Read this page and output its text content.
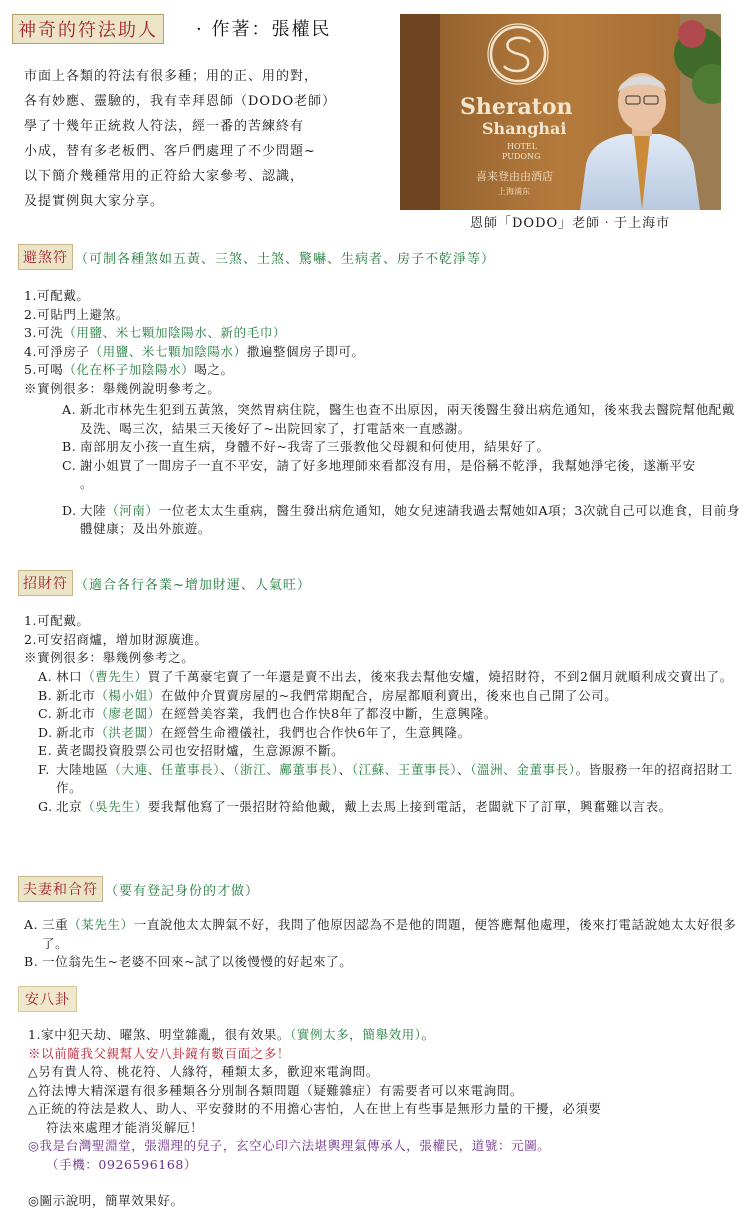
神奇的符法助人	· 作著：張權民
市面上各類的符法有很多種；用的正、用的對，
各有妙應、靈驗的，我有幸拜恩師（DODO老師）
學了十幾年正統救人符法，經一番的苦練終有
小成，替有多老板們、客戶們處理了不少問題~
以下簡介幾種常用的正符給大家參考、認識，
及提實例與大家分享。
Sheraton
Shanghai
HOTEL
PUDONG
喜来登由由酒店
上海浦东
恩師「DODO」老師‧于上海市
避煞符 （可制各種煞如五黃、三煞、土煞、驚嚇、生病者、房子不乾淨等）
1.可配戴。
2.可貼門上避煞。
3.可洗（用鹽、米七顆加陰陽水、新的毛巾）
4.可淨房子（用鹽、米七顆加陰陽水）撒遍整個房子即可。
5.可喝（化在杯子加陰陽水）喝之。
※實例很多：舉幾例說明參考之。
A. 新北市林先生犯到五黃煞，突然胃病住院，醫生也查不出原因，兩天後醫生發出病危通知，後來我去醫院幫他配戴及洗、喝三次，結果三天後好了~出院回家了，打電話來一直感謝。
B. 南部朋友小孩一直生病，身體不好~我寄了三張教他父母親和何使用，結果好了。
C. 謝小姐買了一間房子一直不平安，請了好多地理師來看都沒有用，是俗稱不乾淨，我幫她淨宅後，遂漸平安
。
D. 大陸（河南）一位老太太生重病，醫生發出病危通知，她女兒速請我過去幫她如A項；3次就自己可以進食，目前身體健康；及出外旅遊。
招財符 （適合各行各業~增加財運、人氣旺）
1.可配戴。
2.可安招商爐，增加財源廣進。
※實例很多：舉幾例參考之。
A. 林口（曹先生）買了千萬豪宅賣了一年還是賣不出去，後來我去幫他安爐，燒招財符，不到2個月就順利成交賣出了。
B. 新北市（楊小姐）在做仲介買賣房屋的~我們常期配合，房屋都順利賣出，後來也自己開了公司。
C. 新北市（廖老闆）在經營美容業，我們也合作快8年了都沒中斷，生意興隆。
D. 新北市（洪老闆）在經營生命禮儀社，我們也合作快6年了，生意興隆。
E. 黃老闆投資股票公司也安招財爐，生意源源不斷。
F. 大陸地區（大連、任董事長）、（浙江、鄺董事長）、（江蘇、王董事長）、（溫洲、金董事長）。皆服務一年的招商招財工作。
G. 北京（吳先生）要我幫他寫了一張招財符給他戴，戴上去馬上接到電話，老闆就下了訂單，興奮難以言表。
夫妻和合符 （要有登記身份的才做）
A. 三重（某先生）一直說他太太脾氣不好，我問了他原因認為不是他的問題，便答應幫他處理，後來打電話說她太太好很多了。
B. 一位翁先生~老婆不回來~試了以後慢慢的好起來了。
安八卦
1.家中犯天劫、曜煞、明堂雜亂，很有效果。（實例太多，簡舉效用）。
※以前隨我父親幫人安八卦鏡有數百面之多！
△另有貴人符、桃花符、人緣符，種類太多，歡迎來電詢問。
△符法博大精深還有很多種類各分別制各類問題（疑難雜症）有需要者可以來電詢問。
△正統的符法是救人、助人、平安發財的不用擔心害怕，人在世上有些事是無形力量的干擾，必須要
符法來處理才能消災解厄！
◎我是台灣聖淵堂，張淵理的兒子，玄空心印六法堪輿理氣傳承人，張權民，道號：元圖。
（手機：0926596168）
◎圖示說明，簡單效果好。
